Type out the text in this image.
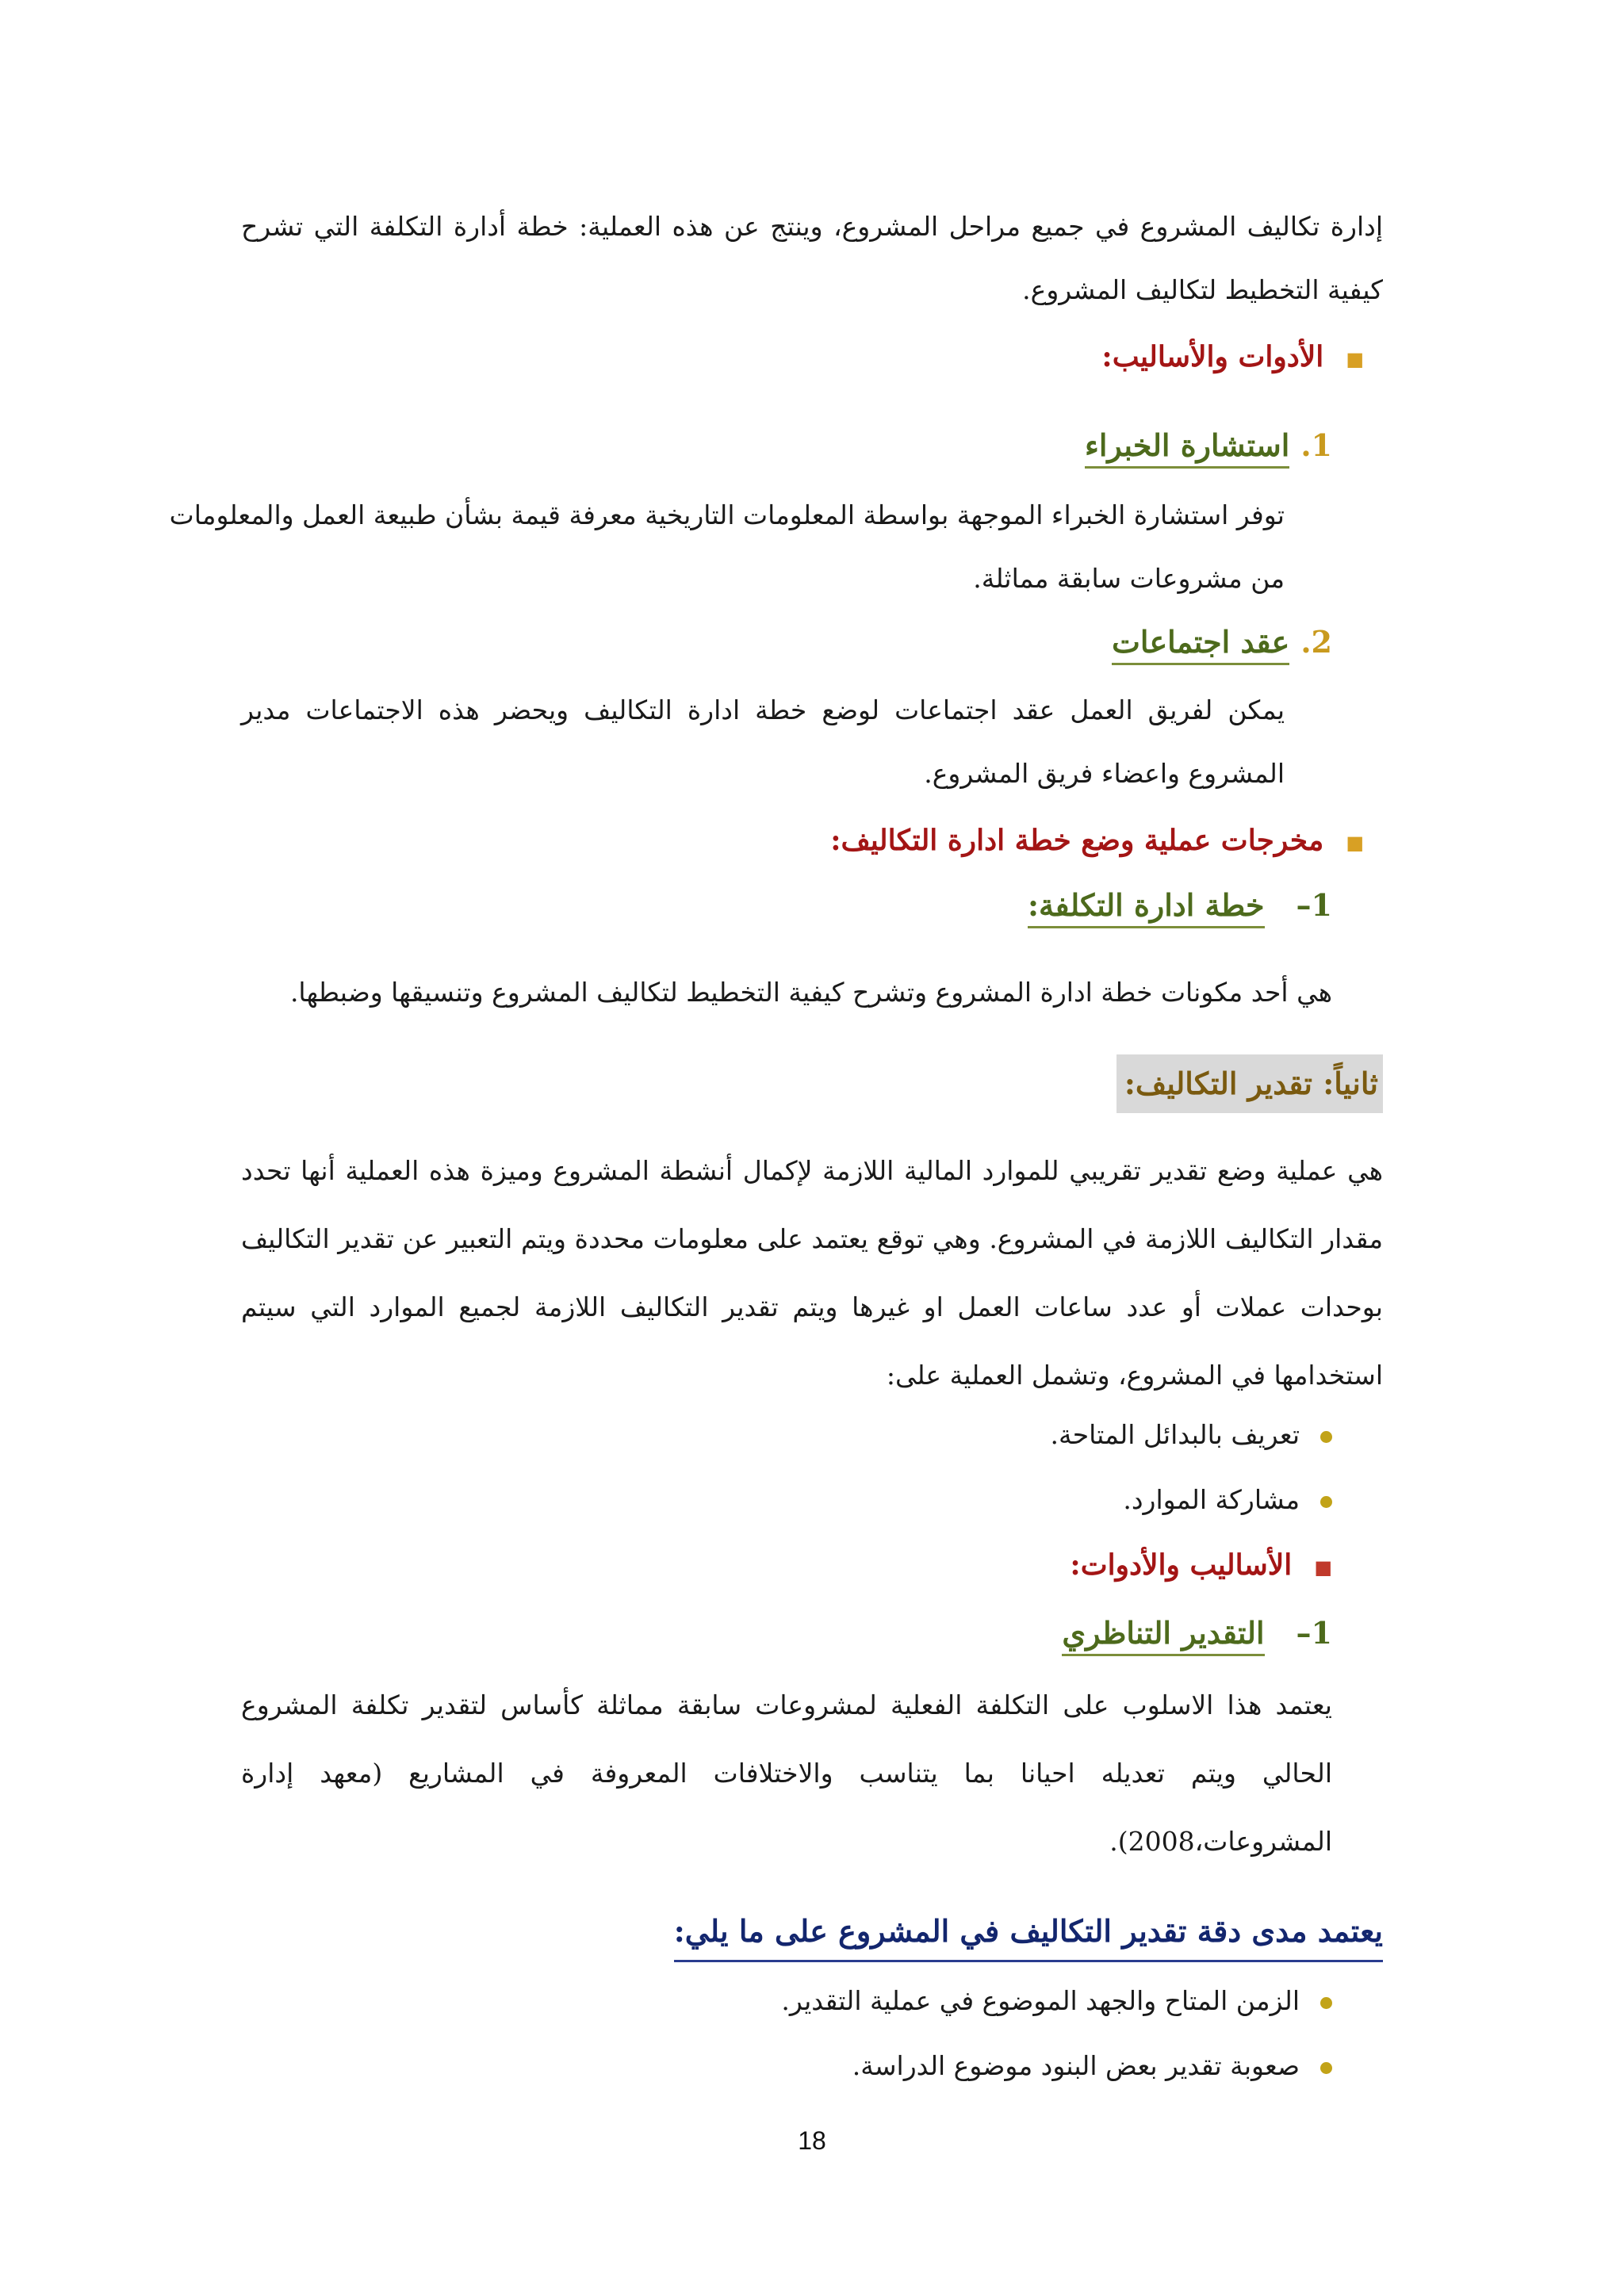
إدارة تكاليف المشروع في جميع مراحل المشروع، وينتج عن هذه العملية: خطة أدارة التكلفة التي تشرح
كيفية التخطيط لتكاليف المشروع.
■الأدوات والأساليب:
1.استشارة الخبراء
توفر استشارة الخبراء الموجهة بواسطة المعلومات التاريخية معرفة قيمة بشأن طبيعة العمل والمعلومات
من مشروعات سابقة مماثلة.
2.عقد اجتماعات
يمكن لفريق العمل عقد اجتماعات لوضع خطة ادارة التكاليف ويحضر هذه الاجتماعات مدير
المشروع واعضاء فريق المشروع.
■مخرجات عملية وضع خطة ادارة التكاليف:
1–خطة ادارة التكلفة:
هي أحد مكونات خطة ادارة المشروع وتشرح كيفية التخطيط لتكاليف المشروع وتنسيقها وضبطها.
ثانياً: تقدير التكاليف:
هي عملية وضع تقدير تقريبي للموارد المالية اللازمة لإكمال أنشطة المشروع وميزة هذه العملية أنها تحدد مقدار التكاليف اللازمة في المشروع. وهي توقع يعتمد على معلومات محددة ويتم التعبير عن تقدير التكاليف بوحدات عملات أو عدد ساعات العمل او غيرها ويتم تقدير التكاليف اللازمة لجميع الموارد التي سيتم استخدامها في المشروع، وتشمل العملية على:
تعريف بالبدائل المتاحة.
مشاركة الموارد.
■الأساليب والأدوات:
1–التقدير التناظري
يعتمد هذا الاسلوب على التكلفة الفعلية لمشروعات سابقة مماثلة كأساس لتقدير تكلفة المشروع الحالي ويتم تعديله احيانا بما يتناسب والاختلافات المعروفة في المشاريع (معهد إدارة المشروعات،2008).
يعتمد مدى دقة تقدير التكاليف في المشروع على ما يلي:
الزمن المتاح والجهد الموضوع في عملية التقدير.
صعوبة تقدير بعض البنود موضوع الدراسة.
18
